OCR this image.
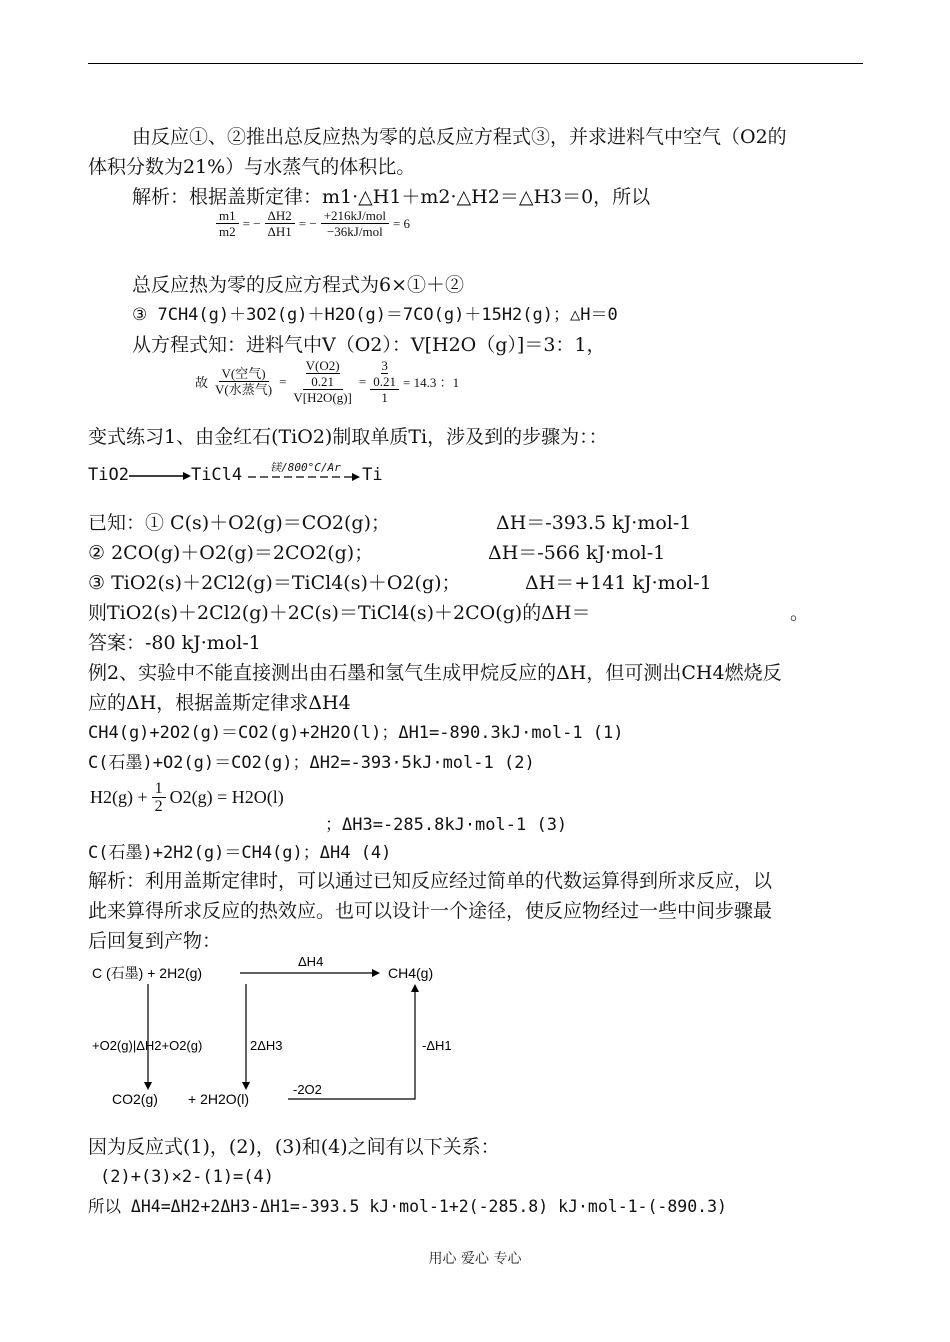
由反应①、②推出总反应热为零的总反应方程式③，并求进料气中空气（O2的
体积分数为21%）与水蒸气的体积比。
解析：根据盖斯定律：m1·△H1＋m2·△H2＝△H3＝0，所以
$\frac{m1}{m2}$ = − $\frac{\Delta H2}{\Delta H1}$ = − $\frac{\text{+216kJ/mol}}{\text{−36kJ/mol}} = 6$
总反应热为零的反应方程式为6×①＋②
③ 7CH4(g)＋3O2(g)＋H2O(g)＝7CO(g)＋15H2(g)；△H＝0
从方程式知：进料气中V（O2）：V[H2O（g）]＝3：1，
故 $\frac{\text{V(空气)}}{\text{V(水蒸气)}} = \frac{\frac{V(O2)}{0.21}}{V[H2O(g)]} = \frac{\frac{3}{0.21}}{1} = 14.3$ ：1
变式练习1、由金红石(TiO2)制取单质Ti，涉及到的步骤为：：
TiO2	TiCl4	镁/800°C/Ar Ti
已知：① C(s)＋O2(g)＝CO2(g)；	ΔH＝-393.5 kJ·mol-1
② 2CO(g)＋O2(g)＝2CO2(g)；	ΔH＝-566 kJ·mol-1
③ TiO2(s)＋2Cl2(g)＝TiCl4(s)＋O2(g)；	ΔH＝+141 kJ·mol-1
则TiO2(s)＋2Cl2(g)＋2C(s)＝TiCl4(s)＋2CO(g)的ΔH＝	。
答案：-80 kJ·mol-1
例2、实验中不能直接测出由石墨和氢气生成甲烷反应的ΔH，但可测出CH4燃烧反
应的ΔH，根据盖斯定律求ΔH4
CH4(g)+2O2(g)＝CO2(g)+2H2O(l)；ΔH1=-890.3kJ·mol-1 (1)
C(石墨)+O2(g)＝CO2(g)；ΔH2=-393·5kJ·mol-1 (2)
$H2(g) + \frac{1}{2} O2(g) = H2O(l)$
；ΔH3=-285.8kJ·mol-1 (3)
C(石墨)+2H2(g)＝CH4(g)；ΔH4 (4)
解析：利用盖斯定律时，可以通过已知反应经过简单的代数运算得到所求反应，以
此来算得所求反应的热效应。也可以设计一个途径，使反应物经过一些中间步骤最
后回复到产物：
C (石墨) + 2H2(g)
ΔH4
CH4(g)
+O2(g)|ΔH2+O2(g)	2ΔH3	-ΔH1
CO2(g) + 2H2O(l)
-2O2
因为反应式(1)，(2)，(3)和(4)之间有以下关系：
(2)+(3)×2-(1)=(4)
所以 ΔH4=ΔH2+2ΔH3-ΔH1=-393.5 kJ·mol-1+2(-285.8) kJ·mol-1-(-890.3)
用心 爱心 专心
